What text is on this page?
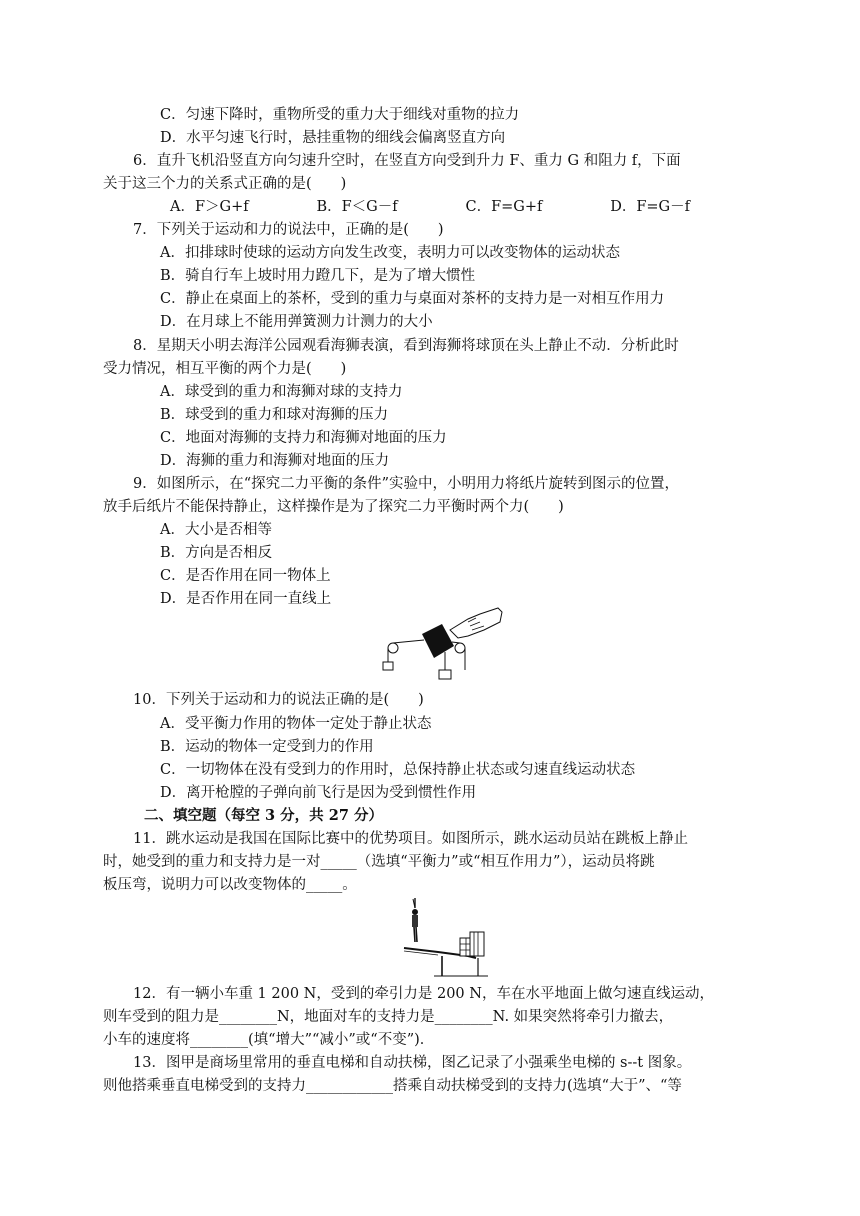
C．匀速下降时，重物所受的重力大于细线对重物的拉力
D．水平匀速飞行时，悬挂重物的细线会偏离竖直方向
6．直升飞机沿竖直方向匀速升空时，在竖直方向受到升力 F、重力 G 和阻力 f，下面
关于这三个力的关系式正确的是(　　)
A．F＞G+f	B．F＜G－f	C．F=G+f	D．F=G－f
7．下列关于运动和力的说法中，正确的是(　　)
A．扣排球时使球的运动方向发生改变，表明力可以改变物体的运动状态
B．骑自行车上坡时用力蹬几下，是为了增大惯性
C．静止在桌面上的茶杯，受到的重力与桌面对茶杯的支持力是一对相互作用力
D．在月球上不能用弹簧测力计测力的大小
8．星期天小明去海洋公园观看海狮表演，看到海狮将球顶在头上静止不动．分析此时
受力情况，相互平衡的两个力是(　　)
A．球受到的重力和海狮对球的支持力
B．球受到的重力和球对海狮的压力
C．地面对海狮的支持力和海狮对地面的压力
D．海狮的重力和海狮对地面的压力
9．如图所示，在“探究二力平衡的条件”实验中，小明用力将纸片旋转到图示的位置，
放手后纸片不能保持静止，这样操作是为了探究二力平衡时两个力(　　)
A．大小是否相等
B．方向是否相反
C．是否作用在同一物体上
D．是否作用在同一直线上
10．下列关于运动和力的说法正确的是(　　)
A．受平衡力作用的物体一定处于静止状态
B．运动的物体一定受到力的作用
C．一切物体在没有受到力的作用时，总保持静止状态或匀速直线运动状态
D．离开枪膛的子弹向前飞行是因为受到惯性作用
二、填空题（每空 3 分，共 27 分）
11．跳水运动是我国在国际比赛中的优势项目。如图所示，跳水运动员站在跳板上静止
时，她受到的重力和支持力是一对_____（选填“平衡力”或“相互作用力”），运动员将跳
板压弯，说明力可以改变物体的_____。
12．有一辆小车重 1 200 N，受到的牵引力是 200 N，车在水平地面上做匀速直线运动，
则车受到的阻力是________N，地面对车的支持力是________N. 如果突然将牵引力撤去，
小车的速度将________(填“增大”“减小”或“不变”)．
13．图甲是商场里常用的垂直电梯和自动扶梯，图乙记录了小强乘坐电梯的 s--t 图象。
则他搭乘垂直电梯受到的支持力____________搭乘自动扶梯受到的支持力(选填“大于”、“等
